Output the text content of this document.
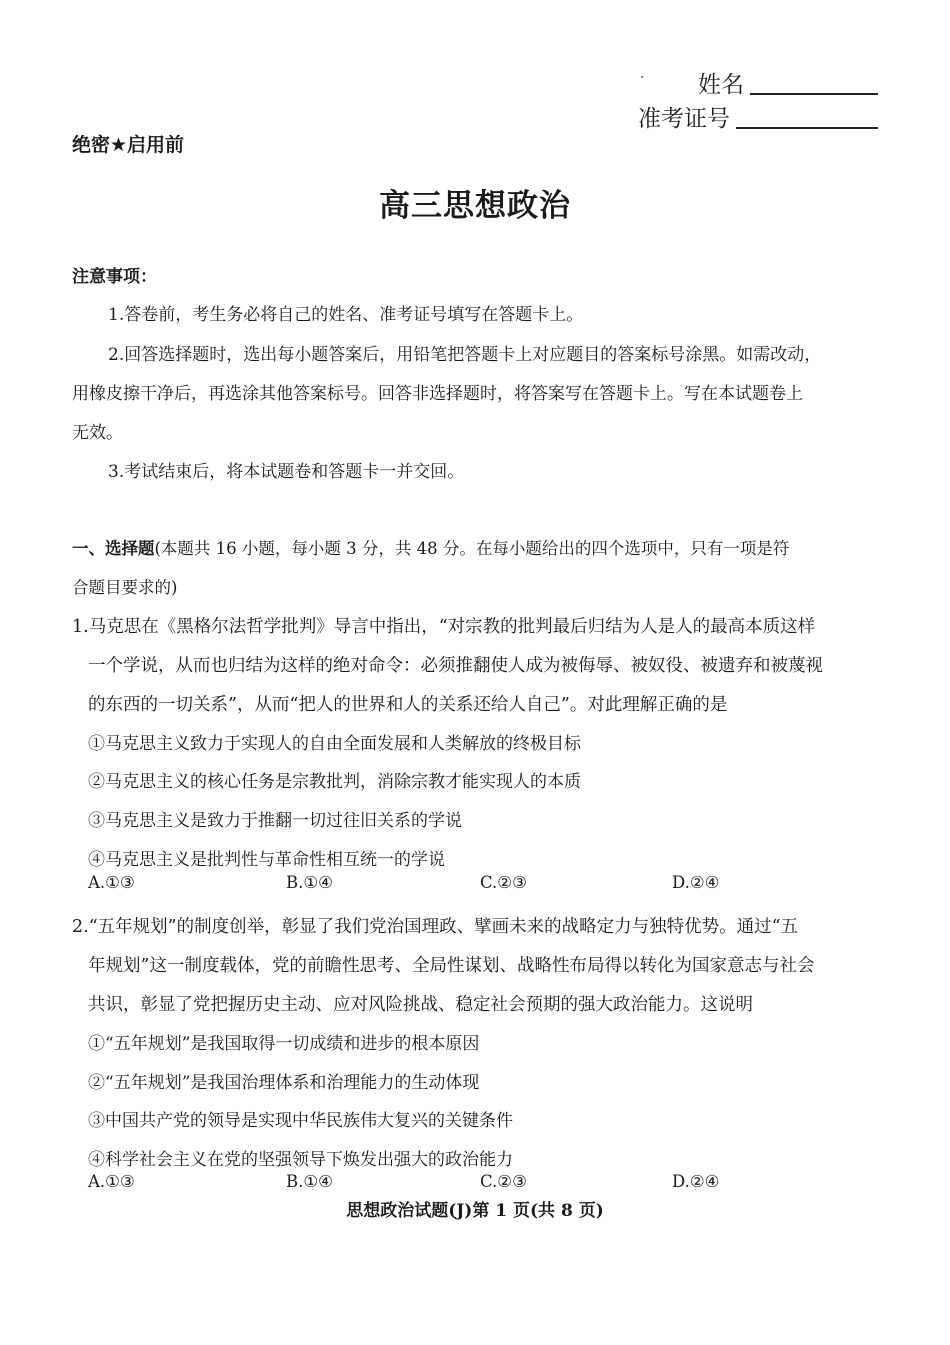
姓名
准考证号
绝密★启用前
高三思想政治
注意事项：
1.答卷前，考生务必将自己的姓名、准考证号填写在答题卡上。
2.回答选择题时，选出每小题答案后，用铅笔把答题卡上对应题目的答案标号涂黑。如需改动，
用橡皮擦干净后，再选涂其他答案标号。回答非选择题时，将答案写在答题卡上。写在本试题卷上
无效。
3.考试结束后，将本试题卷和答题卡一并交回。
一、选择题(本题共 16 小题，每小题 3 分，共 48 分。在每小题给出的四个选项中，只有一项是符
合题目要求的)
1.马克思在《黑格尔法哲学批判》导言中指出，“对宗教的批判最后归结为人是人的最高本质这样
一个学说，从而也归结为这样的绝对命令：必须推翻使人成为被侮辱、被奴役、被遗弃和被蔑视
的东西的一切关系”，从而“把人的世界和人的关系还给人自己”。对此理解正确的是
①马克思主义致力于实现人的自由全面发展和人类解放的终极目标
②马克思主义的核心任务是宗教批判，消除宗教才能实现人的本质
③马克思主义是致力于推翻一切过往旧关系的学说
④马克思主义是批判性与革命性相互统一的学说
A.①③	B.①④	C.②③	D.②④
2.“五年规划”的制度创举，彰显了我们党治国理政、擘画未来的战略定力与独特优势。通过“五
年规划”这一制度载体，党的前瞻性思考、全局性谋划、战略性布局得以转化为国家意志与社会
共识，彰显了党把握历史主动、应对风险挑战、稳定社会预期的强大政治能力。这说明
①“五年规划”是我国取得一切成绩和进步的根本原因
②“五年规划”是我国治理体系和治理能力的生动体现
③中国共产党的领导是实现中华民族伟大复兴的关键条件
④科学社会主义在党的坚强领导下焕发出强大的政治能力
A.①③	B.①④	C.②③	D.②④
思想政治试题(J)第 1 页(共 8 页)
